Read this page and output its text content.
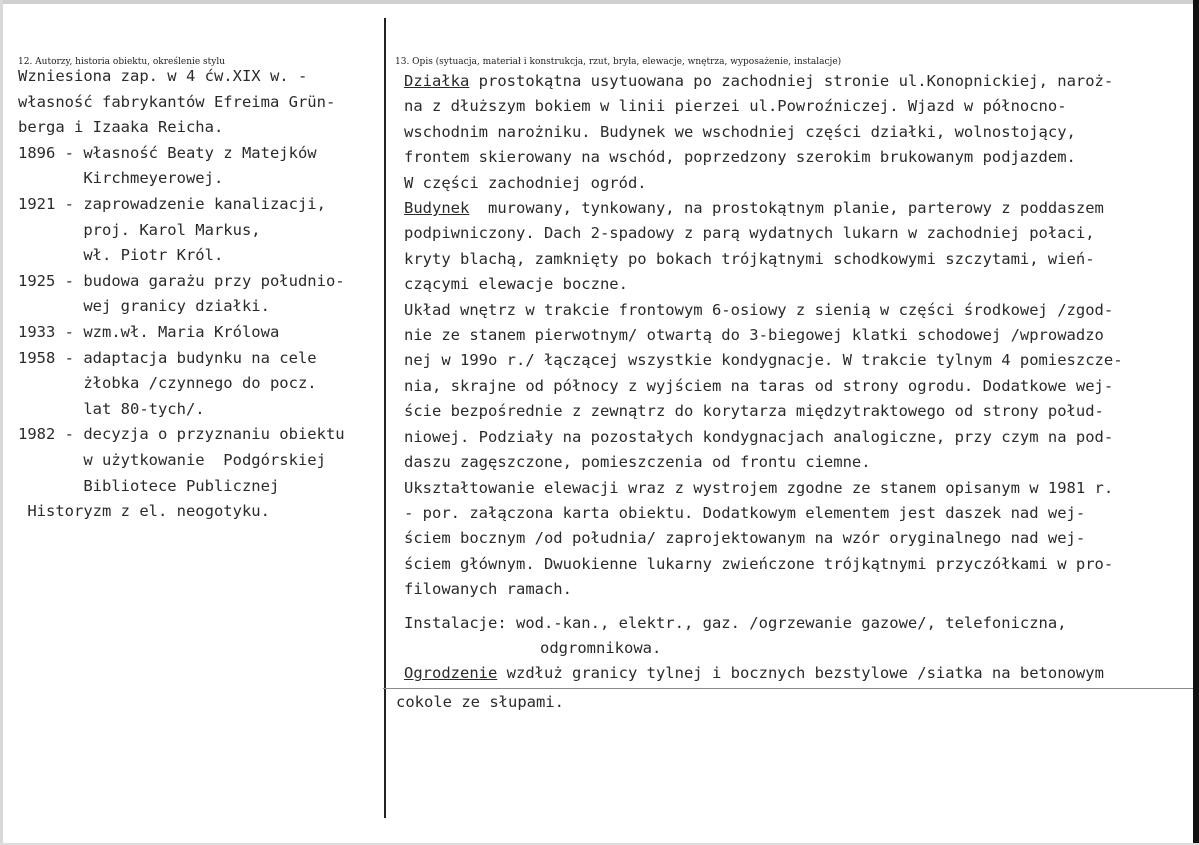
12. Autorzy, historia obiektu, określenie stylu	13. Opis (sytuacja, materiał i konstrukcja, rzut, bryła, elewacje, wnętrza, wyposażenie, instalacje)
Wzniesiona zap. w 4 ćw.XIX w. -
własność fabrykantów Efreima Grün-
berga i Izaaka Reicha.
1896 - własność Beaty z Matejków
Kirchmeyerowej.
1921 - zaprowadzenie kanalizacji,
proj. Karol Markus,
wł. Piotr Król.
1925 - budowa garażu przy południo-
wej granicy działki.
1933 - wzm.wł. Maria Królowa
1958 - adaptacja budynku na cele
żłobka /czynnego do pocz.
lat 80-tych/.
1982 - decyzja o przyznaniu obiektu
w użytkowanie  Podgórskiej
Bibliotece Publicznej
Historyzm z el. neogotyku.
Działka prostokątna usytuowana po zachodniej stronie ul.Konopnickiej, naroż-
na z dłuższym bokiem w linii pierzei ul.Powroźniczej. Wjazd w północno-
wschodnim narożniku. Budynek we wschodniej części działki, wolnostojący,
frontem skierowany na wschód, poprzedzony szerokim brukowanym podjazdem.
W części zachodniej ogród.
Budynek  murowany, tynkowany, na prostokątnym planie, parterowy z poddaszem
podpiwniczony. Dach 2-spadowy z parą wydatnych lukarn w zachodniej połaci,
kryty blachą, zamknięty po bokach trójkątnymi schodkowymi szczytami, wień-
czącymi elewacje boczne.
Układ wnętrz w trakcie frontowym 6-osiowy z sienią w części środkowej /zgod-
nie ze stanem pierwotnym/ otwartą do 3-biegowej klatki schodowej /wprowadzo
nej w 199o r./ łączącej wszystkie kondygnacje. W trakcie tylnym 4 pomieszcze-
nia, skrajne od północy z wyjściem na taras od strony ogrodu. Dodatkowe wej-
ście bezpośrednie z zewnątrz do korytarza międzytraktowego od strony połud-
niowej. Podziały na pozostałych kondygnacjach analogiczne, przy czym na pod-
daszu zagęszczone, pomieszczenia od frontu ciemne.
Ukształtowanie elewacji wraz z wystrojem zgodne ze stanem opisanym w 1981 r.
- por. załączona karta obiektu. Dodatkowym elementem jest daszek nad wej-
ściem bocznym /od południa/ zaprojektowanym na wzór oryginalnego nad wej-
ściem głównym. Dwuokienne lukarny zwieńczone trójkątnymi przyczółkami w pro-
filowanych ramach.
Instalacje: wod.-kan., elektr., gaz. /ogrzewanie gazowe/, telefoniczna,
odgromnikowa.
Ogrodzenie wzdłuż granicy tylnej i bocznych bezstylowe /siatka na betonowym
cokole ze słupami.
